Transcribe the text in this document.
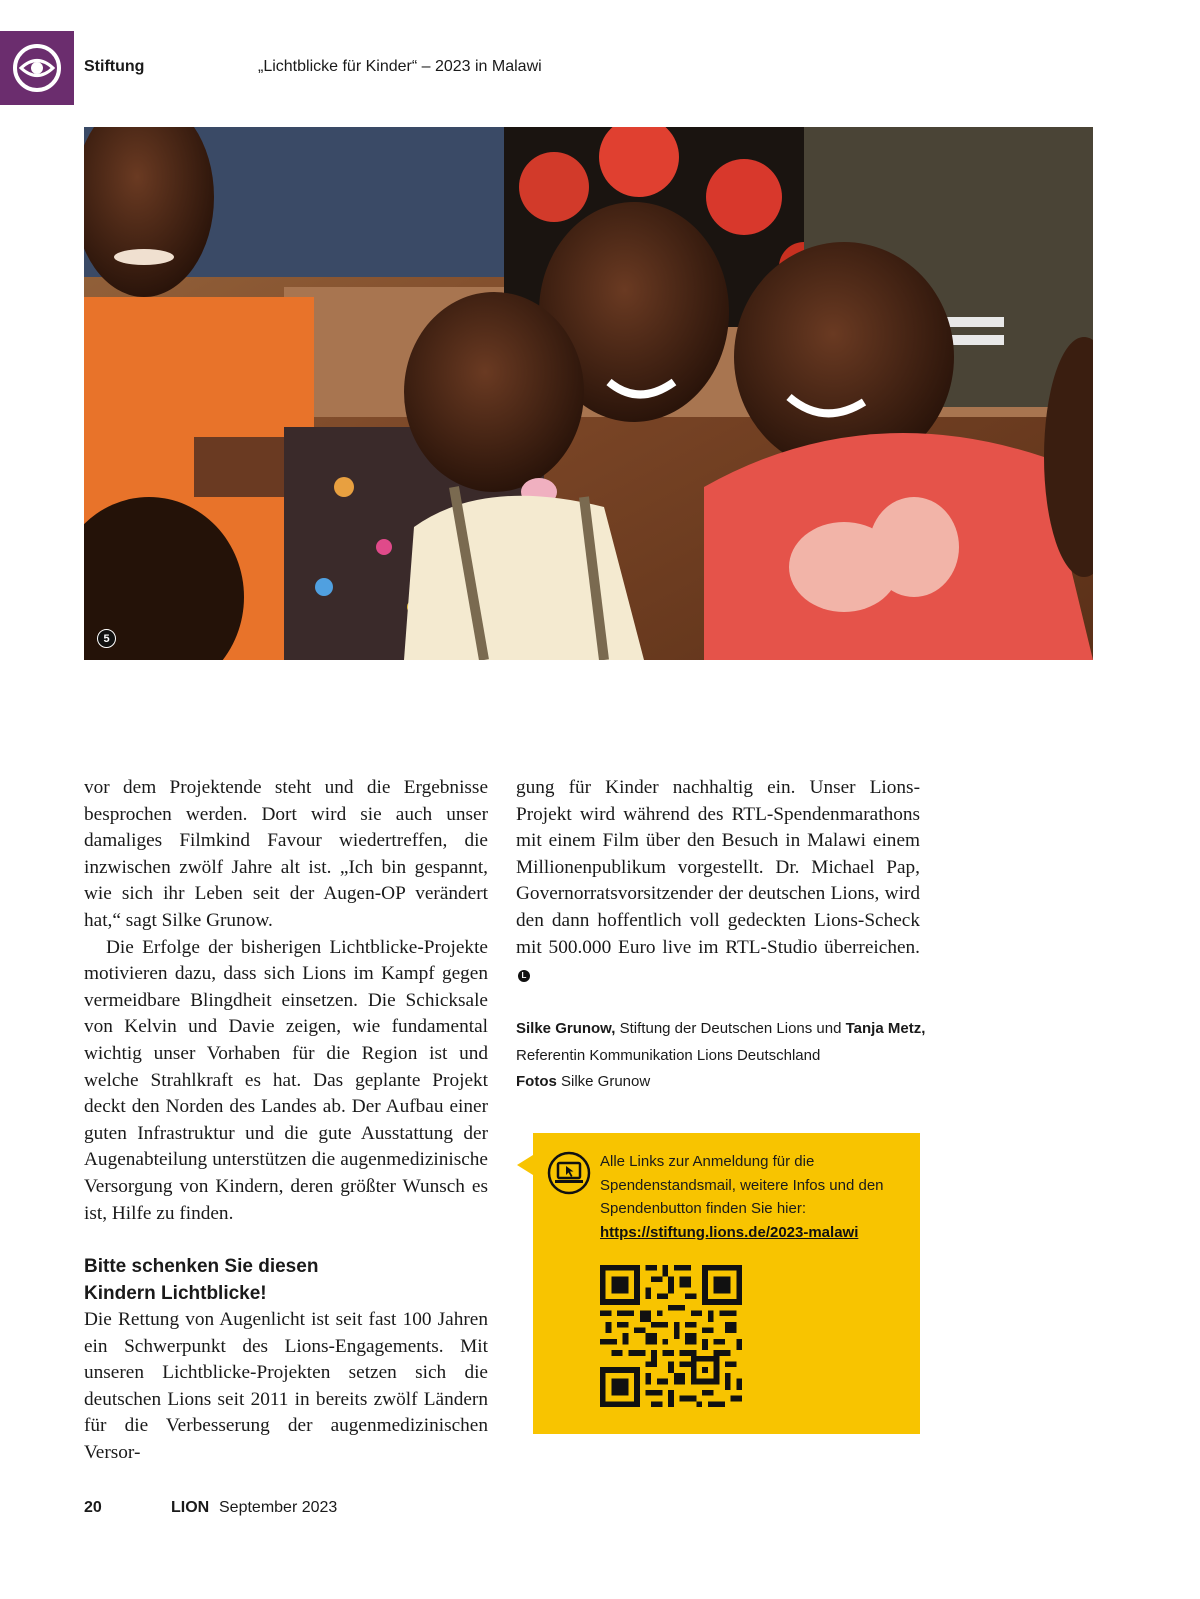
Stiftung	„Lichtblicke für Kinder“ – 2023 in Malawi
5

vor dem Projektende steht und die Ergebnisse besprochen werden. Dort wird sie auch unser damaliges Filmkind Favour wiedertreffen, die inzwischen zwölf Jahre alt ist. „Ich bin gespannt, wie sich ihr Leben seit der Augen-OP verändert hat,“ sagt Silke Grunow.

Die Erfolge der bisherigen Lichtblicke-Projekte motivieren dazu, dass sich Lions im Kampf gegen vermeidbare Blingdheit einsetzen. Die Schicksale von Kelvin und Davie zeigen, wie fundamental wichtig unser Vorhaben für die Region ist und welche Strahlkraft es hat. Das geplante Projekt deckt den Norden des Landes ab. Der Aufbau einer guten Infrastruktur und die gute Ausstattung der Augenabteilung unterstützen die augenmedizinische Versorgung von Kindern, deren größter Wunsch es ist, Hilfe zu finden.

Bitte schenken Sie diesen
Kindern Lichtblicke!

Die Rettung von Augenlicht ist seit fast 100 Jahren ein Schwerpunkt des Lions-Engagements. Mit unseren Lichtblicke-Projekten setzen sich die deutschen Lions seit 2011 in bereits zwölf Ländern für die Verbesserung der augenmedizinischen Versor-

gung für Kinder nachhaltig ein. Unser Lions-Projekt wird während des RTL-Spendenmarathons mit einem Film über den Besuch in Malawi einem Millionenpublikum vorgestellt. Dr. Michael Pap, Governorratsvorsitzender der deutschen Lions, wird den dann hoffentlich voll gedeckten Lions-Scheck mit 500.000 Euro live im RTL-Studio überreichen. L

Silke Grunow, Stiftung der Deutschen Lions und Tanja Metz, Referentin Kommunikation Lions Deutschland
Fotos Silke Grunow
Alle Links zur Anmeldung für die Spendenstandsmail, weitere Infos und den Spendenbutton finden Sie hier:
https://stiftung.lions.de/2023-malawi
20	LION September 2023
